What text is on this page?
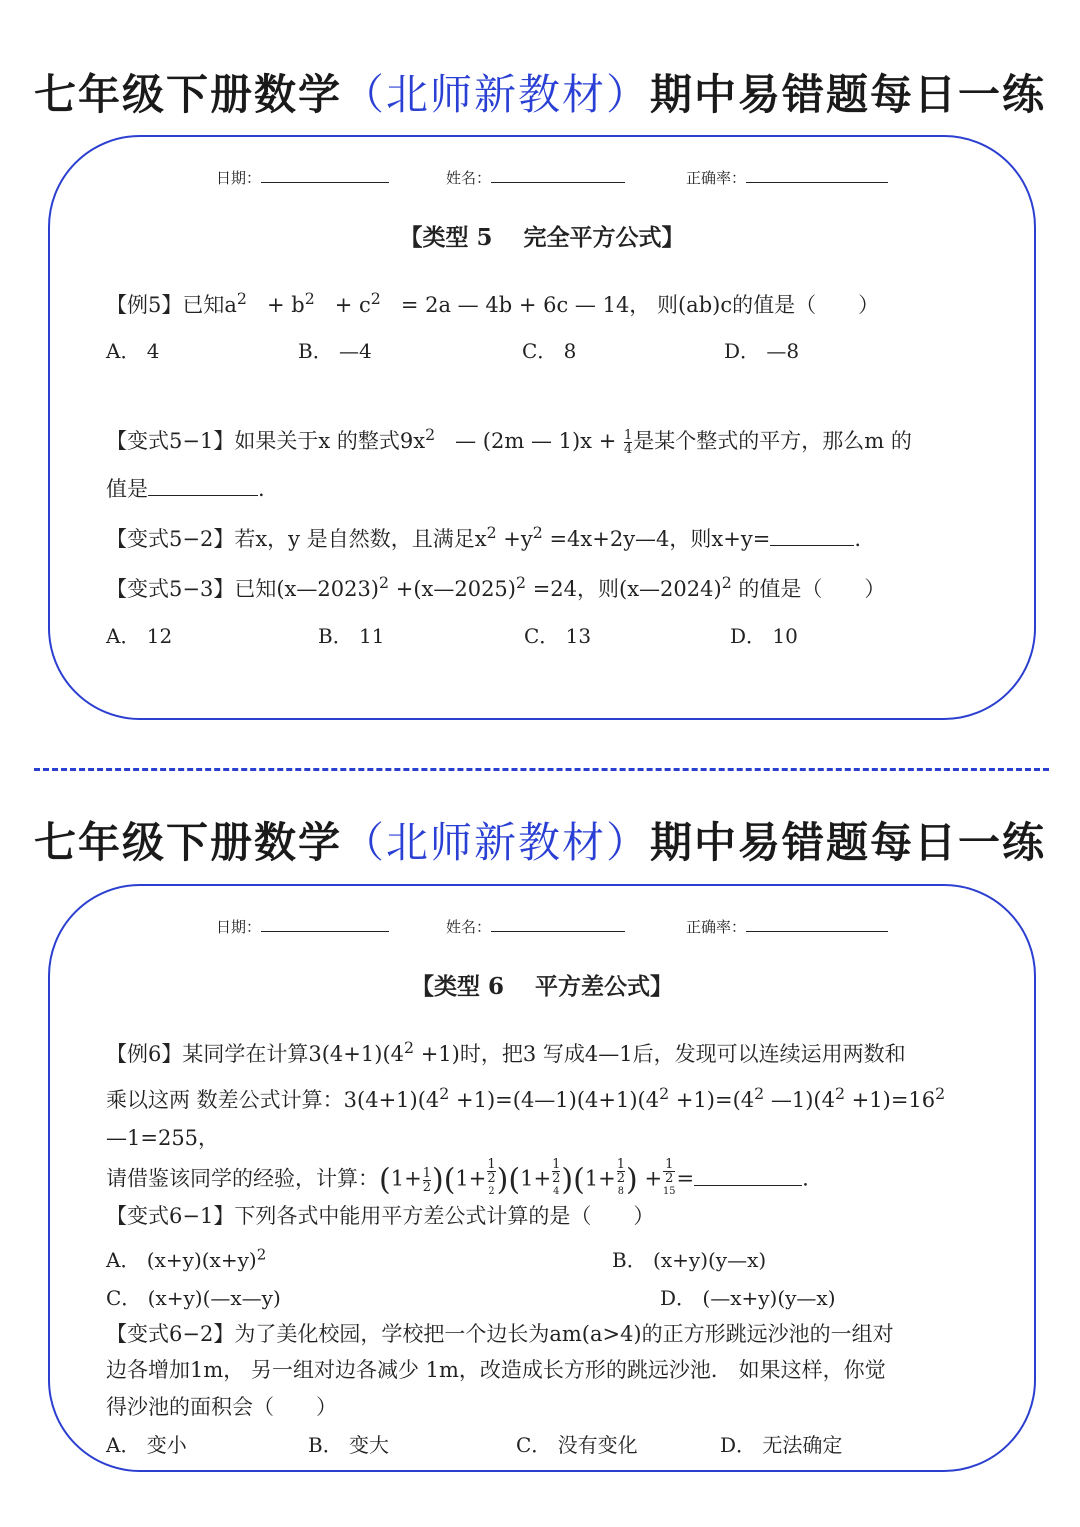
七年级下册数学（北师新教材）期中易错题每日一练
日期：	姓名：	正确率：
【类型 5　 完全平方公式】
【例5】已知$a^2 + b^2 + c^2 = 2a$ — 4b + 6c — 14， 则(ab)c的值是（　　）
A． 4	B． —4	C． 8	D． —8
【变式5−1】如果关于x 的整式$9x^2$   — (2m — $1)x + \frac{1}{4}$ 是某个整式的平方，那么m 的
值是	.
【变式5−2】若x，y 是自然数，且满足$x^2 +y^2$ =4x+2y—4，则x+y=	.
【变式5−3】已知(x—2023)$^2$ +(x—2025)$^2$ =24，则(x—2024)$^2$ 的值是（　　）
A． 12	B． 11	C． 13	D． 10
七年级下册数学（北师新教材）期中易错题每日一练
日期：	姓名：	正确率：
【类型 6　 平方差公式】
【例6】某同学在计算$3(4+1)(4^2 +1)$时，把3 写成4—1后，发现可以连续运用两数和
乘以这两 数差公式计算：$3(4+1)(4^2$ $+1)=(4—1)(4+1)(4^2 +1)=(4^2$ $—1)(4^2 +1)=16^2$
—1=255，
请借鉴该同学的经验，计算：$(1+ \frac{1}{2} )(1+ 1$
2
$^2$ )(1+ 1
2
$^4$ )(1+ 1
2
$^8$ ) + 1
2
$^{15}$ =	.
【变式6−1】下列各式中能用平方差公式计算的是（　　）
A． $(x+y)(x+y)^2$	B． (x+y)(y—x)
C． (x+y)(—x—y)	D． (—x+y)(y—x)
【变式6−2】为了美化校园，学校把一个边长为am(a>4)的正方形跳远沙池的一组对
边各增加1m， 另一组对边各减少 1m，改造成长方形的跳远沙池． 如果这样，你觉
得沙池的面积会（　　）
A． 变小	B． 变大	C． 没有变化	D． 无法确定
